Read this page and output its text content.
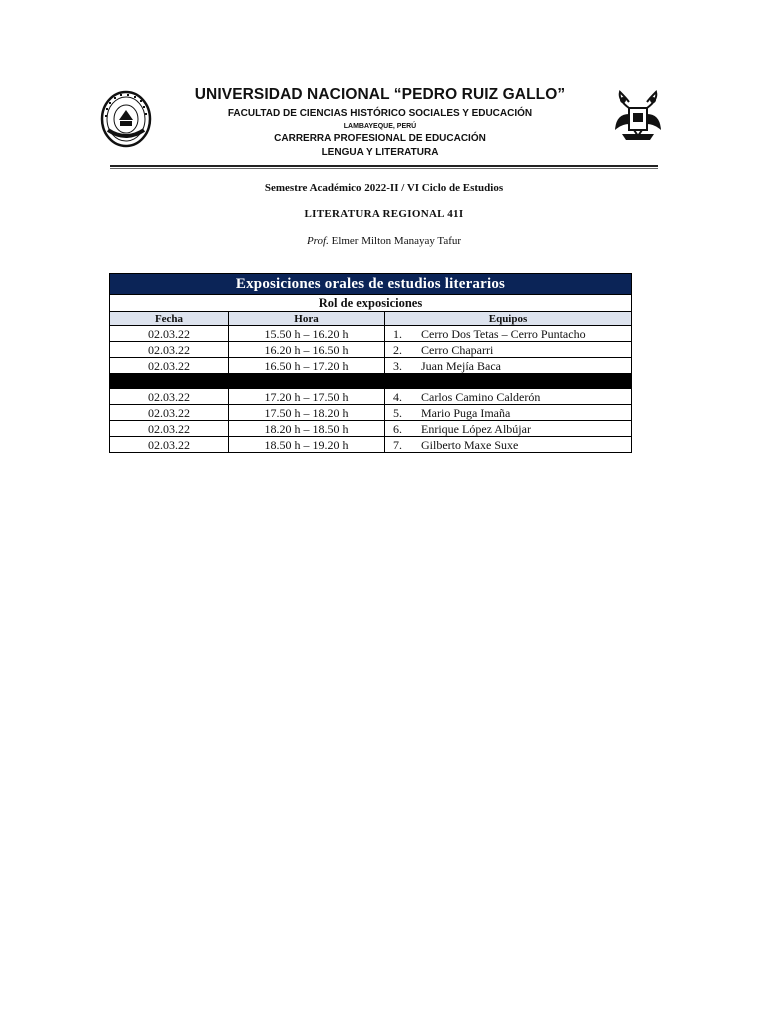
UNIVERSIDAD NACIONAL “PEDRO RUIZ GALLO”
FACULTAD DE CIENCIAS HISTÓRICO SOCIALES Y EDUCACIÓN
LAMBAYEQUE, PERÚ
CARRERRA PROFESIONAL DE EDUCACIÓN
LENGUA Y LITERATURA
Semestre Académico 2022-II / VI Ciclo de Estudios
LITERATURA REGIONAL 41I
Prof. Elmer Milton Manayay Tafur
Exposiciones orales de estudios literarios		
Rol de exposiciones		
Fecha	Hora	Equipos
02.03.22	15.50 h – 16.20 h	1. Cerro Dos Tetas – Cerro Puntacho
02.03.22	16.20 h – 16.50 h	2. Cerro Chaparri
02.03.22	16.50 h – 17.20 h	3. Juan Mejía Baca

02.03.22	17.20 h – 17.50 h	4. Carlos Camino Calderón
02.03.22	17.50 h – 18.20 h	5. Mario Puga Imaña
02.03.22	18.20 h – 18.50 h	6. Enrique López Albújar
02.03.22	18.50 h – 19.20 h	7. Gilberto Maxe Suxe
